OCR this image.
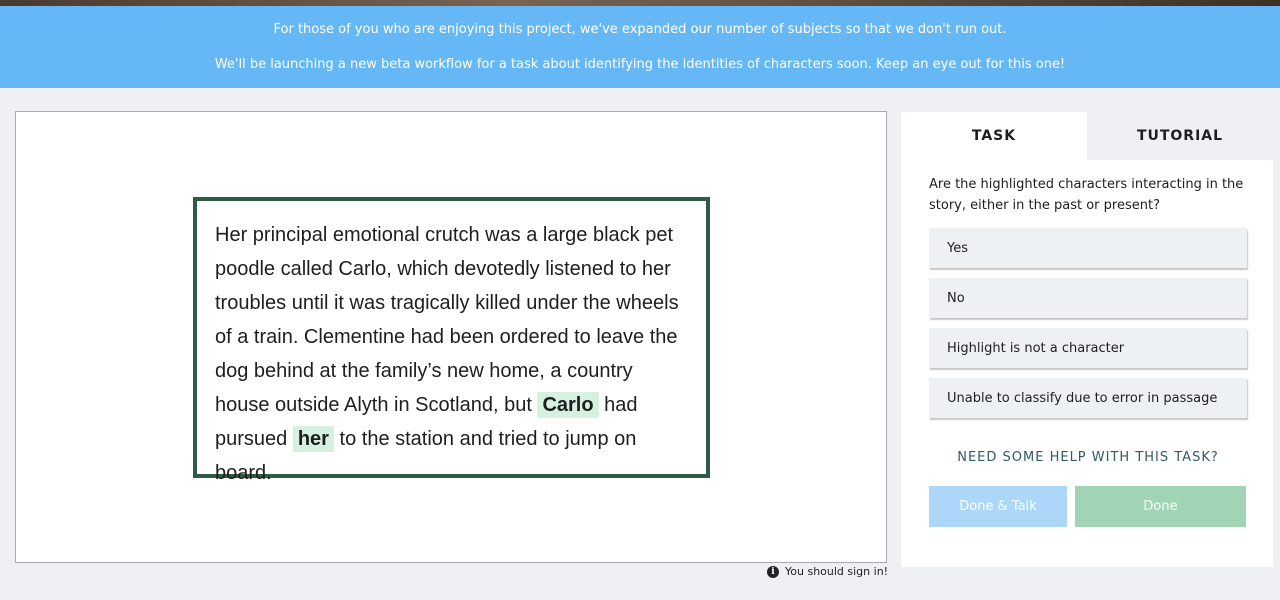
For those of you who are enjoying this project, we've expanded our number of subjects so that we don't run out.

We'll be launching a new beta workflow for a task about identifying the identities of characters soon. Keep an eye out for this one!

Her principal emotional crutch was a large black pet poodle called Carlo, which devotedly listened to her troubles until it was tragically killed under the wheels of a train. Clementine had been ordered to leave the dog behind at the family’s new home, a country house outside Alyth in Scotland, but Carlo had pursued her to the station and tried to jump on board.
i You should sign in!
TASK	TUTORIAL

Are the highlighted characters interacting in the story, either in the past or present?

Yes
No
Highlight is not a character
Unable to classify due to error in passage
NEED SOME HELP WITH THIS TASK?
Done & Talk	Done
